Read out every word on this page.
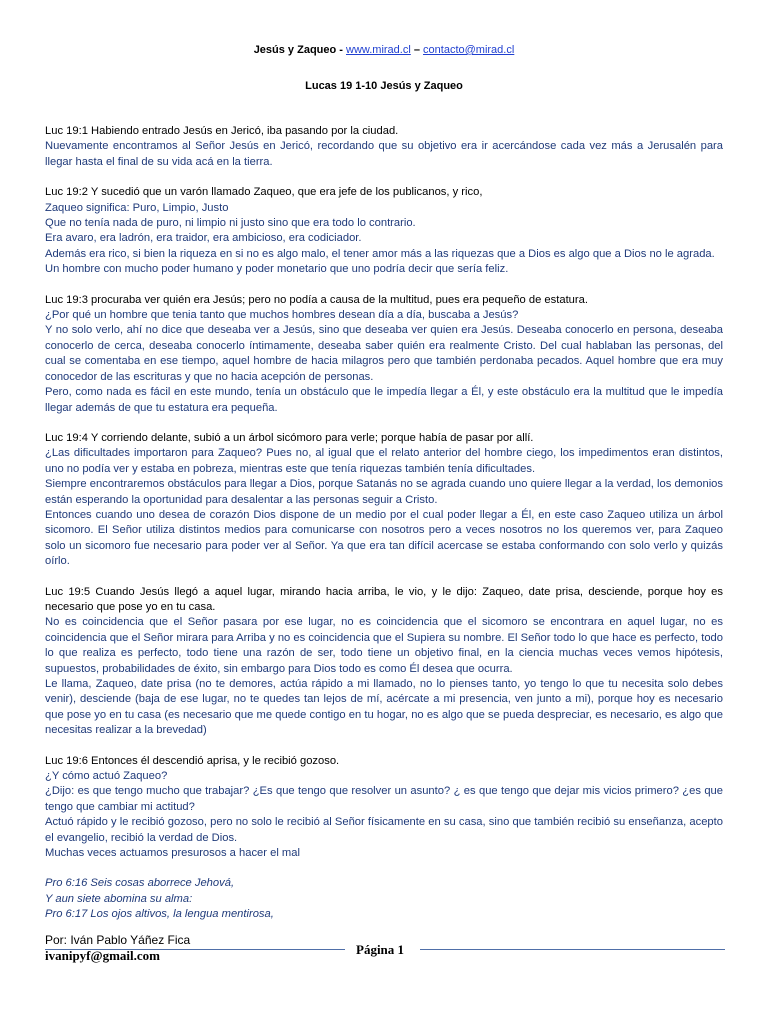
Jesús y Zaqueo - www.mirad.cl – contacto@mirad.cl
Lucas 19 1-10 Jesús y Zaqueo
Luc 19:1 Habiendo entrado Jesús en Jericó, iba pasando por la ciudad.
Nuevamente encontramos al Señor Jesús en Jericó, recordando que su objetivo era ir acercándose cada vez más a Jerusalén para llegar hasta el final de su vida acá en la tierra.
Luc 19:2 Y sucedió que un varón llamado Zaqueo, que era jefe de los publicanos, y rico,
Zaqueo significa: Puro, Limpio, Justo
Que no tenía nada de puro, ni limpio ni justo sino que era todo lo contrario.
Era avaro, era ladrón, era traidor, era ambicioso, era codiciador.
Además era rico, si bien la riqueza en si no es algo malo, el tener amor más a las riquezas que a Dios es algo que a Dios no le agrada.
Un hombre con mucho poder humano y poder monetario que uno podría decir que sería feliz.
Luc 19:3 procuraba ver quién era Jesús; pero no podía a causa de la multitud, pues era pequeño de estatura.
¿Por qué un hombre que tenia tanto que muchos hombres desean día a día, buscaba a Jesús?
Y no solo verlo, ahí no dice que deseaba ver a Jesús, sino que deseaba ver quien era Jesús. Deseaba conocerlo en persona, deseaba conocerlo de cerca, deseaba conocerlo íntimamente, deseaba saber quién era realmente Cristo. Del cual hablaban las personas, del cual se comentaba en ese tiempo, aquel hombre de hacia milagros pero que también perdonaba pecados. Aquel hombre que era muy conocedor de las escrituras y que no hacia acepción de personas.
Pero, como nada es fácil en este mundo, tenía un obstáculo que le impedía llegar a Él, y este obstáculo era la multitud que le impedía llegar además de que tu estatura era pequeña.
Luc 19:4 Y corriendo delante, subió a un árbol sicómoro para verle; porque había de pasar por allí.
¿Las dificultades importaron para Zaqueo? Pues no, al igual que el relato anterior del hombre ciego, los impedimentos eran distintos, uno no podía ver y estaba en pobreza, mientras este que tenía riquezas también tenía dificultades.
Siempre encontraremos obstáculos para llegar a Dios, porque Satanás no se agrada cuando uno quiere llegar a la verdad, los demonios están esperando la oportunidad para desalentar a las personas seguir a Cristo.
Entonces cuando uno desea de corazón Dios dispone de un medio por el cual poder llegar a Él, en este caso Zaqueo utiliza un árbol sicomoro. El Señor utiliza distintos medios para comunicarse con nosotros pero a veces nosotros no los queremos ver, para Zaqueo solo un sicomoro fue necesario para poder ver al Señor. Ya que era tan difícil acercase se estaba conformando con solo verlo y quizás oírlo.
Luc 19:5 Cuando Jesús llegó a aquel lugar, mirando hacia arriba, le vio, y le dijo: Zaqueo, date prisa, desciende, porque hoy es necesario que pose yo en tu casa.
No es coincidencia que el Señor pasara por ese lugar, no es coincidencia que el sicomoro se encontrara en aquel lugar, no es coincidencia que el Señor mirara para Arriba y no es coincidencia que el Supiera su nombre. El Señor todo lo que hace es perfecto, todo lo que realiza es perfecto, todo tiene una razón de ser, todo tiene un objetivo final, en la ciencia muchas veces vemos hipótesis, supuestos, probabilidades de éxito, sin embargo para Dios todo es como Él desea que ocurra.
Le llama, Zaqueo, date prisa (no te demores, actúa rápido a mi llamado, no lo pienses tanto, yo tengo lo que tu necesita solo debes venir), desciende (baja de ese lugar, no te quedes tan lejos de mí, acércate a mi presencia, ven junto a mi), porque hoy es necesario que pose yo en tu casa (es necesario que me quede contigo en tu hogar, no es algo que se pueda despreciar, es necesario, es algo que necesitas realizar a la brevedad)
Luc 19:6 Entonces él descendió aprisa, y le recibió gozoso.
¿Y cómo actuó Zaqueo?
¿Dijo: es que tengo mucho que trabajar? ¿Es que tengo que resolver un asunto? ¿ es que tengo que dejar mis vicios primero? ¿es que tengo que cambiar mi actitud?
Actuó rápido y le recibió gozoso, pero no solo le recibió al Señor físicamente en su casa, sino que también recibió su enseñanza, acepto el evangelio, recibió la verdad de Dios.
Muchas veces actuamos presurosos a hacer el mal
Pro 6:16 Seis cosas aborrece Jehová,
Y aun siete abomina su alma:
Pro 6:17 Los ojos altivos, la lengua mentirosa,
Por: Iván Pablo Yáñez Fica
ivanipyf@gmail.com	Página 1
